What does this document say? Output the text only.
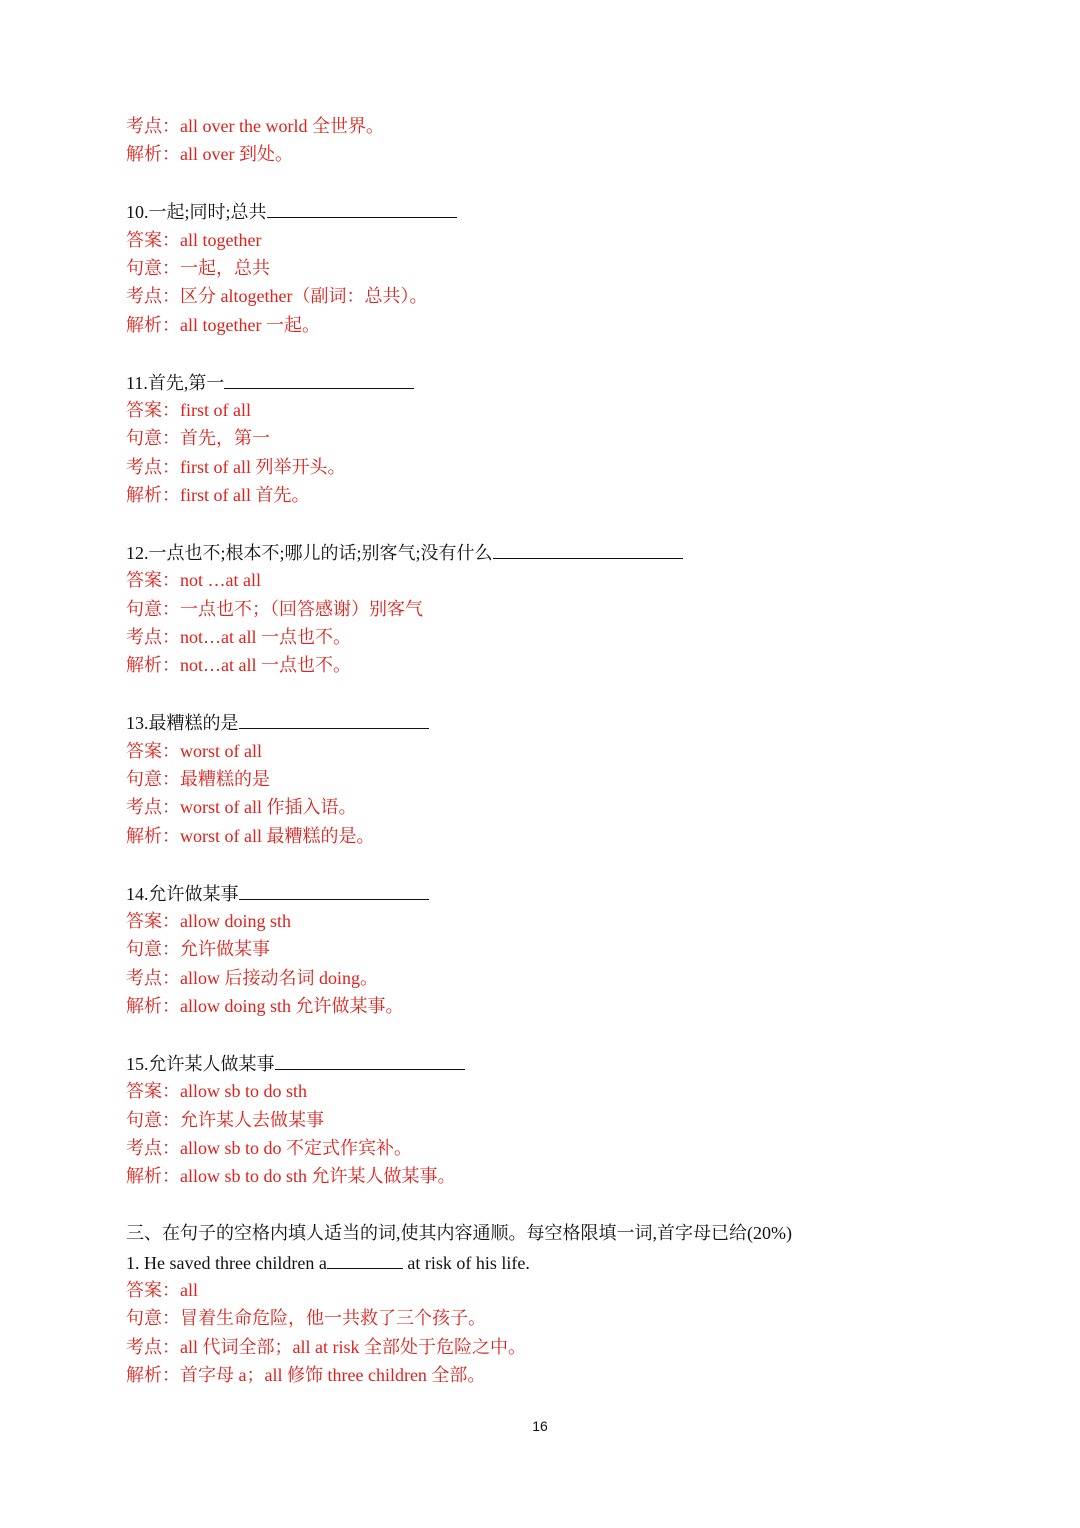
考点：all over the world 全世界。
解析：all over 到处。
10.一起;同时;总共
答案：all together
句意：一起，总共
考点：区分 altogether（副词：总共）。
解析：all together 一起。
11.首先,第一
答案：first of all
句意：首先，第一
考点：first of all 列举开头。
解析：first of all 首先。
12.一点也不;根本不;哪儿的话;别客气;没有什么
答案：not …at all
句意：一点也不；（回答感谢）别客气
考点：not…at all 一点也不。
解析：not…at all 一点也不。
13.最糟糕的是
答案：worst of all
句意：最糟糕的是
考点：worst of all 作插入语。
解析：worst of all 最糟糕的是。
14.允许做某事
答案：allow doing sth
句意：允许做某事
考点：allow 后接动名词 doing。
解析：allow doing sth 允许做某事。
15.允许某人做某事
答案：allow sb to do sth
句意：允许某人去做某事
考点：allow sb to do 不定式作宾补。
解析：allow sb to do sth 允许某人做某事。
三、在句子的空格内填人适当的词,使其内容通顺。每空格限填一词,首字母已给(20%)
1. He saved three children a	at risk of his life.
答案：all
句意：冒着生命危险，他一共救了三个孩子。
考点：all 代词全部；all at risk 全部处于危险之中。
解析：首字母 a；all 修饰 three children 全部。
16
